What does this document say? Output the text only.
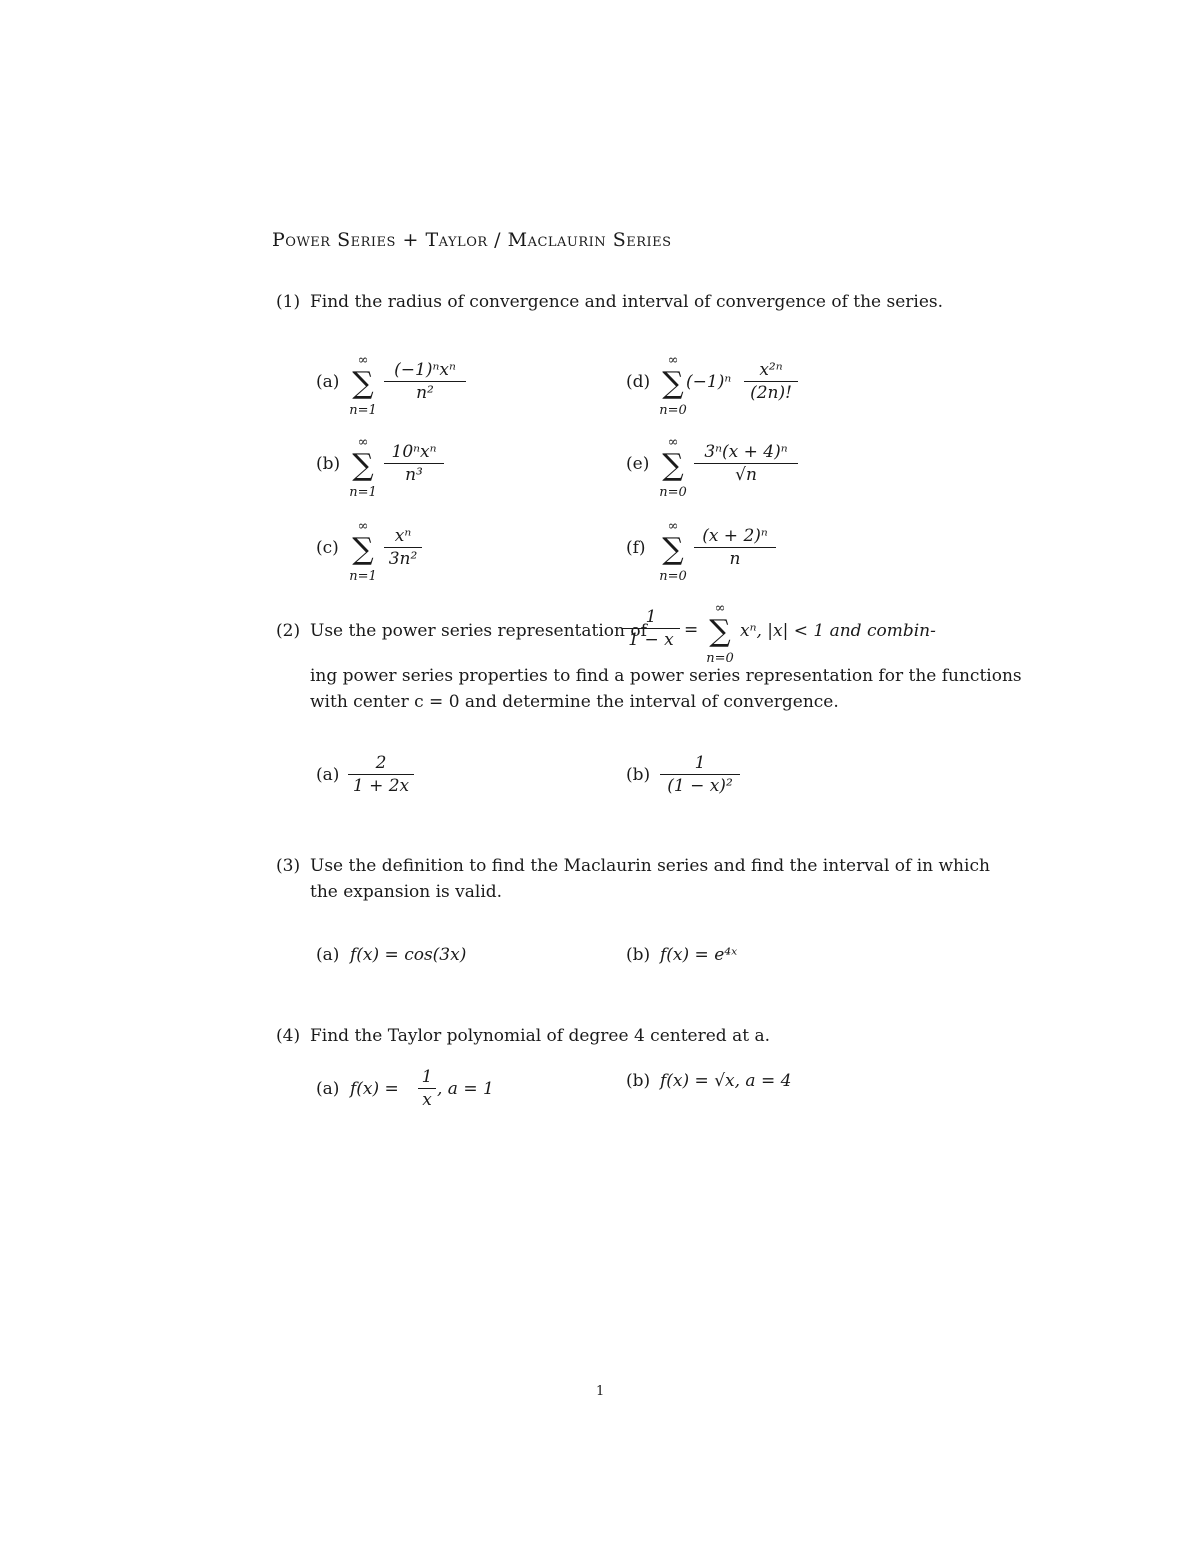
Power Series + Taylor / Maclaurin Series
(1) Find the radius of convergence and interval of convergence of the series.
(a)
∞
∑
n=1
(−1)ⁿxⁿ
n²
(b)
∞
∑
n=1
10ⁿxⁿ
n³
(c)
∞
∑
n=1
xⁿ
3n²
(d)
∞
∑
n=0
(−1)ⁿ
x²ⁿ
(2n)!
(e)
∞
∑
n=0
3ⁿ(x + 4)ⁿ
√n
(f)
∞
∑
n=0
(x + 2)ⁿ
n
(2) Use the power series representation of
1
1 − x =
∞
∑
n=0
xⁿ, |x| < 1 and combin-
ing power series properties to find a power series representation for the functions
with center c = 0 and determine the interval of convergence.
(a)
2
1 + 2x
(b)
1
(1 − x)²
(3) Use the definition to find the Maclaurin series and find the interval of in which
the expansion is valid.
(a) f(x) = cos(3x)	(b) f(x) = e⁴ˣ
(4) Find the Taylor polynomial of degree 4 centered at a.
(a) f(x) =
1
x
, a = 1	(b) f(x) = √x, a = 4
1
